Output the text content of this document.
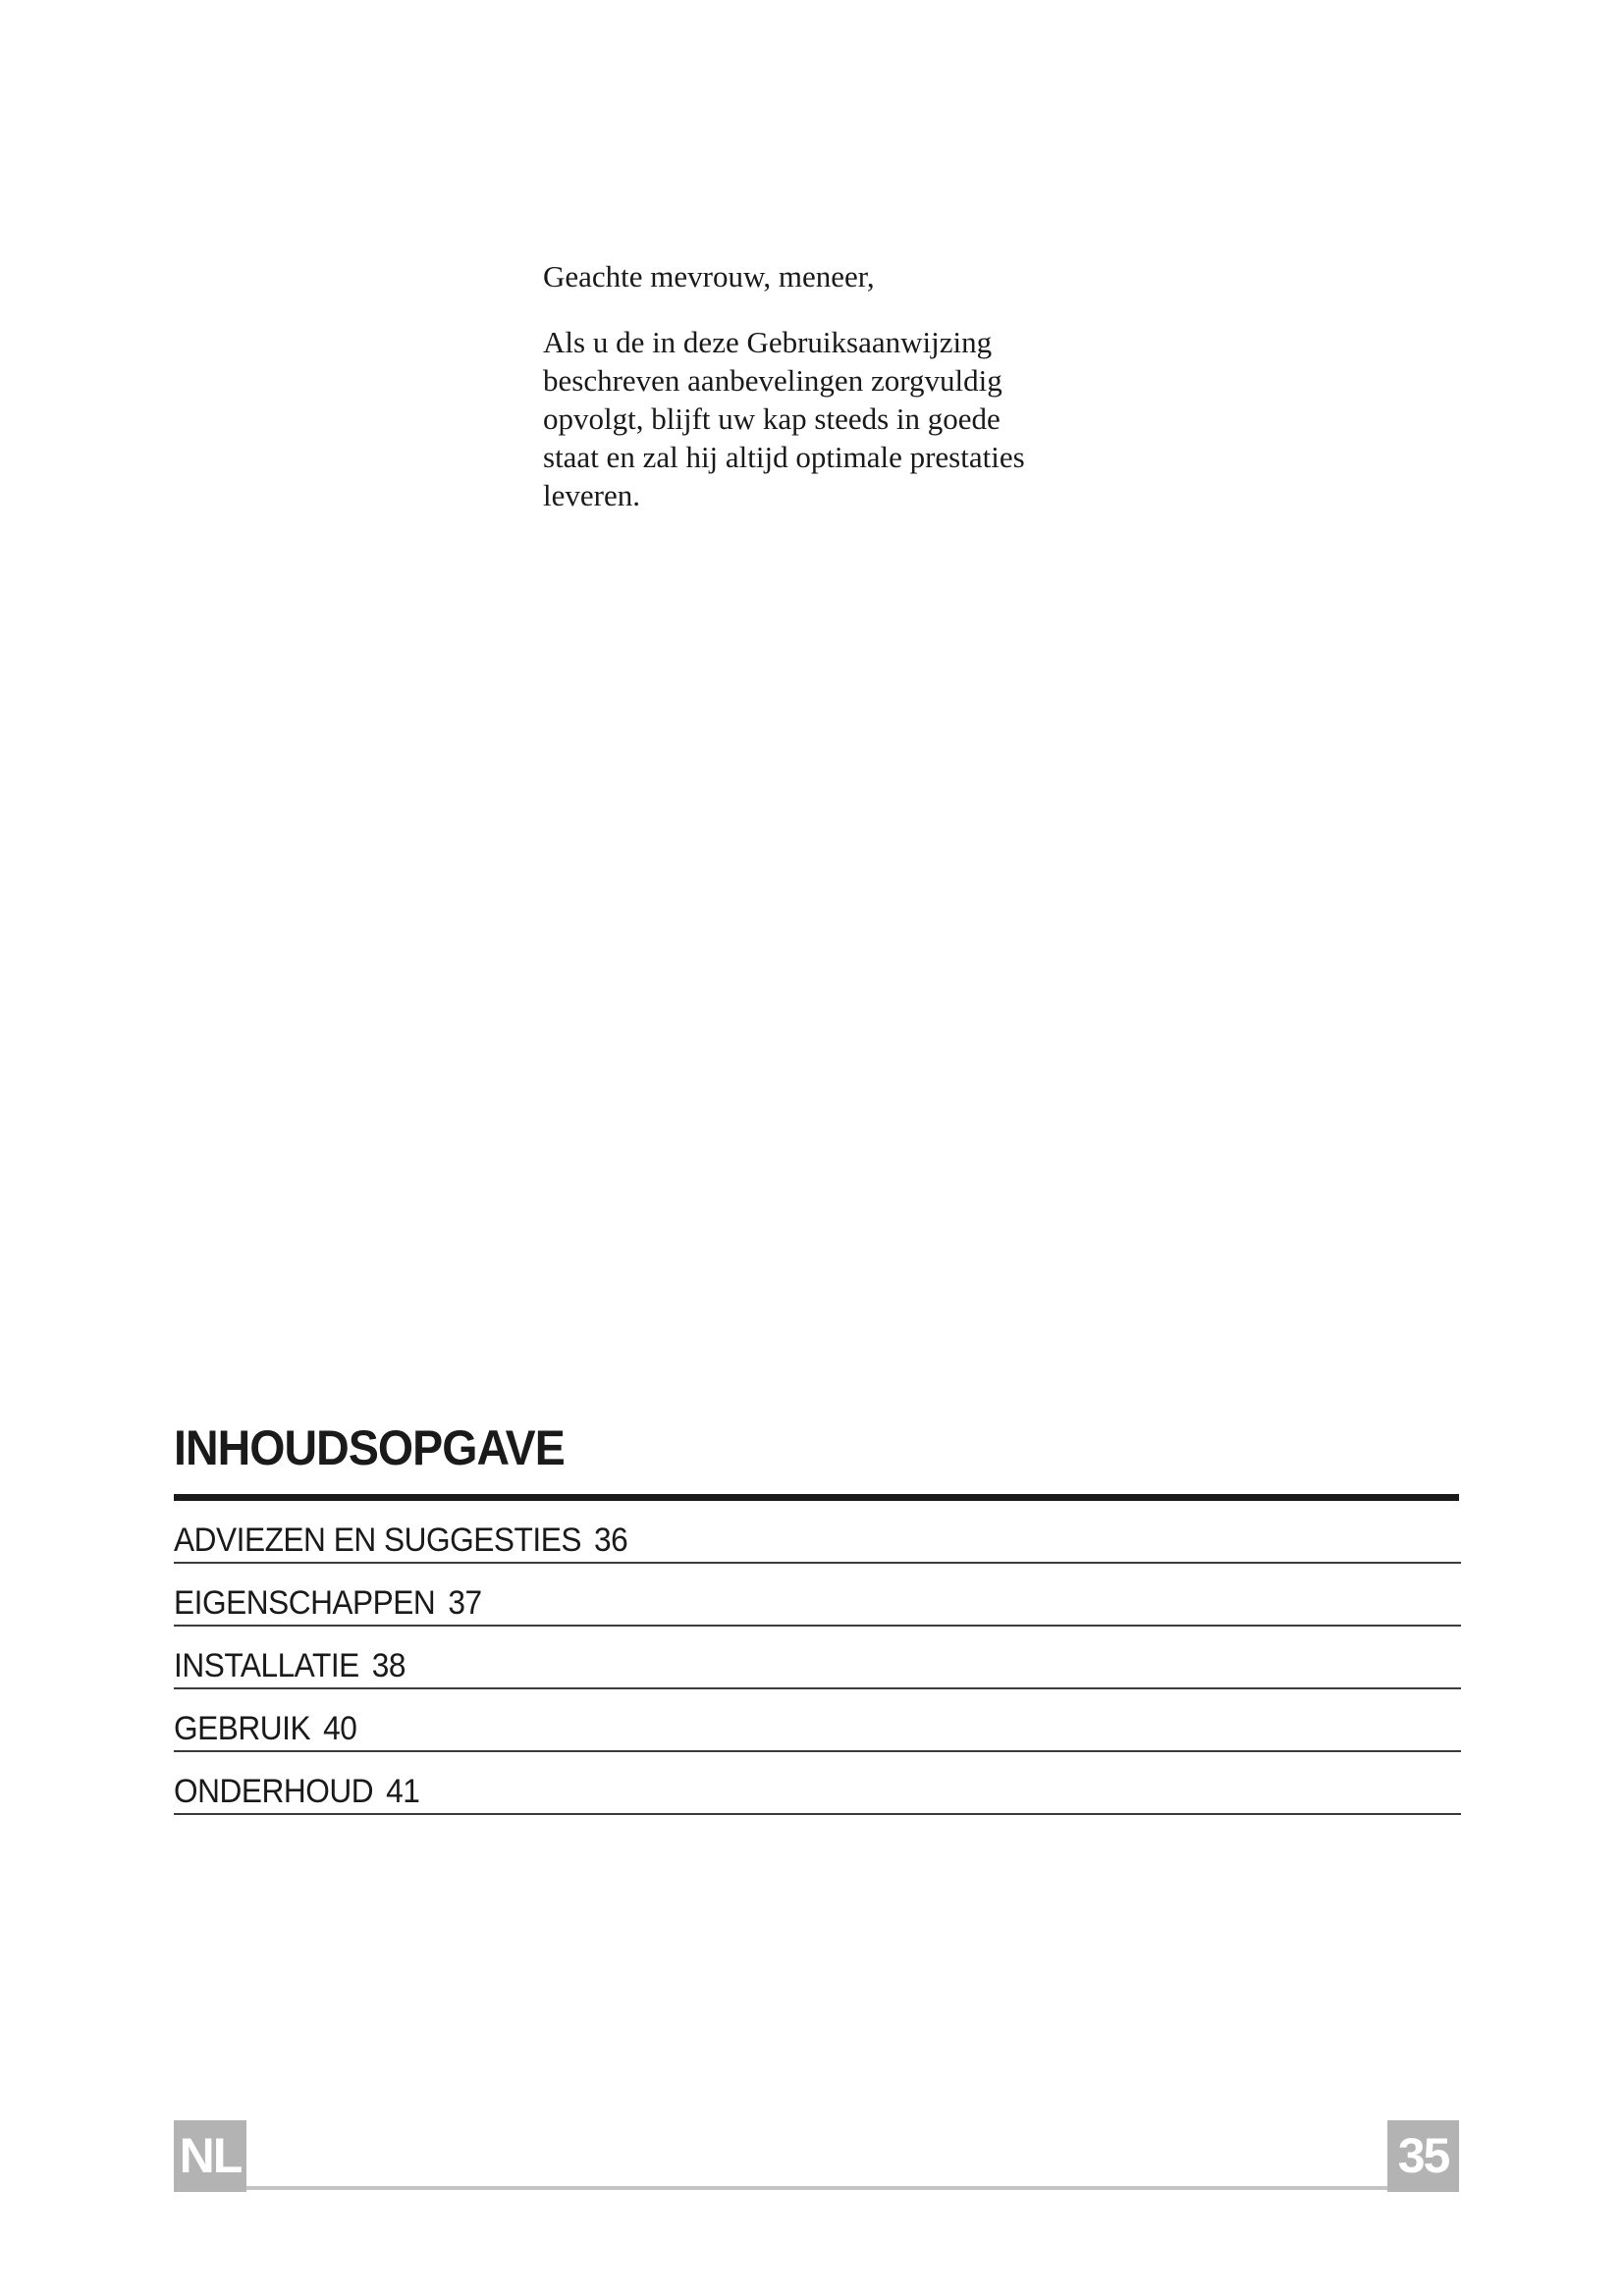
Geachte mevrouw, meneer,

Als u de in deze Gebruiksaanwijzing
beschreven aanbevelingen zorgvuldig
opvolgt, blijft uw kap steeds in goede
staat en zal hij altijd optimale prestaties
leveren.

INHOUDSOPGAVE
ADVIEZEN EN SUGGESTIES 36
EIGENSCHAPPEN 37
INSTALLATIE 38
GEBRUIK 40
ONDERHOUD 41
NL	35
